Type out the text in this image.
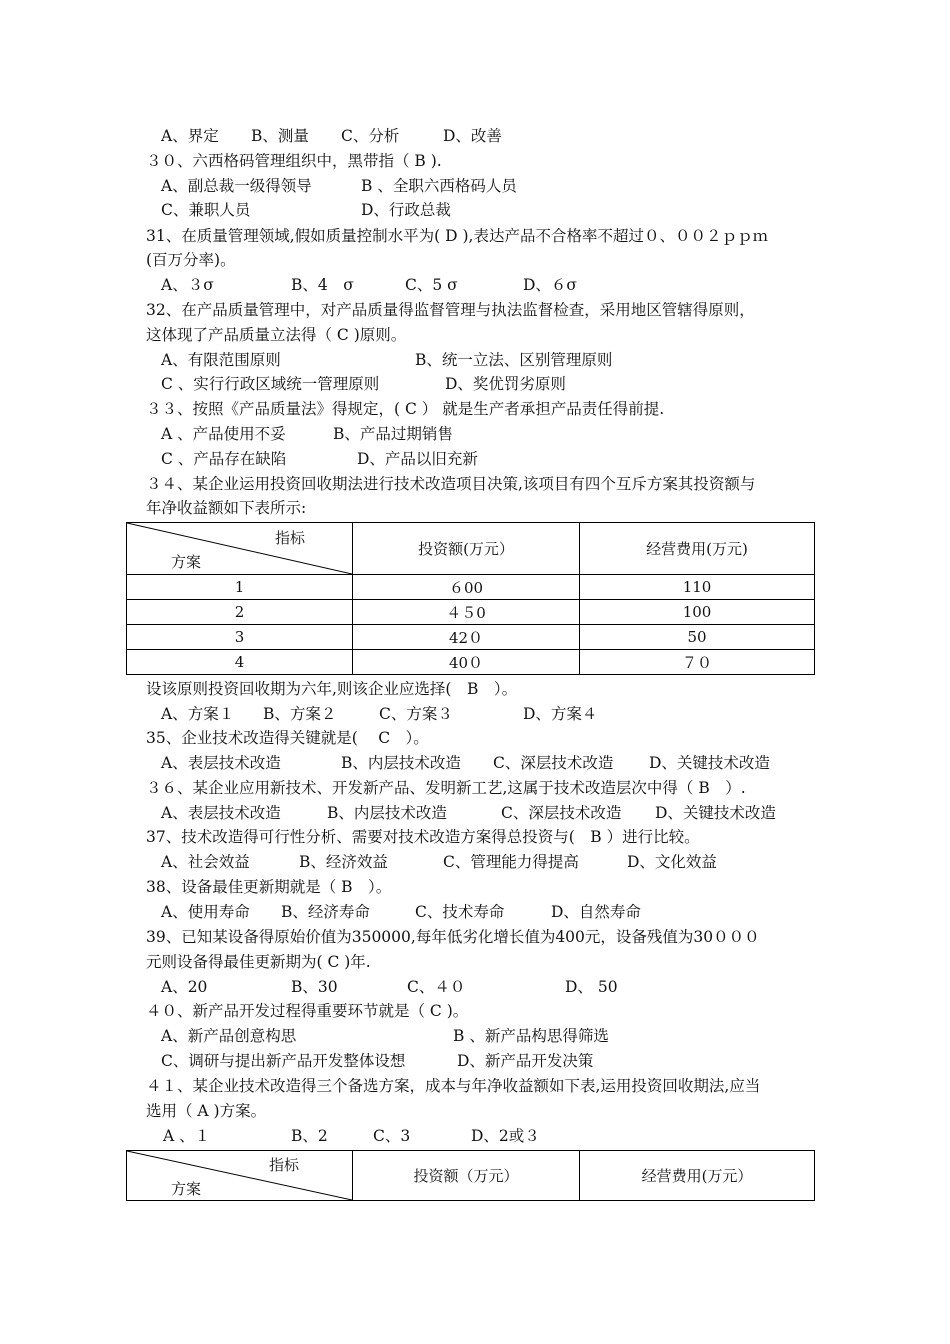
A、界定 B、测量 C、分析	D、改善
３０、六西格码管理组织中，黑带指（ B ).
A、副总裁一级得领导	B 、全职六西格码人员
C、兼职人员	D、行政总裁
31、在质量管理领域,假如质量控制水平为( D ),表达产品不合格率不超过０、００２ｐｐｍ
(百万分率)。
A、３σ	B、4　σ	C、5 σ	D、６σ
32、在产品质量管理中，对产品质量得监督管理与执法监督检查，采用地区管辖得原则，
这体现了产品质量立法得（ C )原则。
A、有限范围原则	B、统一立法、区别管理原则
C 、实行行政区域统一管理原则	D、奖优罚劣原则
３３、按照《产品质量法》得规定，( C ） 就是生产者承担产品责任得前提.
A 、产品使用不妥	B、产品过期销售
C 、产品存在缺陷	D、产品以旧充新
３４、某企业运用投资回收期法进行技术改造项目决策,该项目有四个互斥方案其投资额与
年净收益额如下表所示:
指标
方案	投资额(万元）	经营费用(万元)
1	６00	110
2	４５0	100
3	42０	50
4	40０	７０
设该原则投资回收期为六年,则该企业应选择(　B　）。
A、方案１ B、方案２	C、方案３	D、方案４
35、企业技术改造得关键就是(　 C　）。
A、表层技术改造	B、内层技术改造 C、深层技术改造 D、关键技术改造
３６、某企业应用新技术、开发新产品、发明新工艺,这属于技术改造层次中得（ B　）.
A、表层技术改造	B、内层技术改造	C、深层技术改造 D、关键技术改造
37、技术改造得可行性分析、需要对技术改造方案得总投资与(　B ）进行比较。
A、社会效益	B、经济效益	C、管理能力得提高	D、文化效益
38、设备最佳更新期就是（ B　）。
A、使用寿命 B、经济寿命	C、技术寿命	D、自然寿命
39、已知某设备得原始价值为350000,每年低劣化增长值为400元，设备残值为30０００
元则设备得最佳更新期为( C )年.
A、20	B、30	C、４０	D、 50
４０、新产品开发过程得重要环节就是（ C )。
A、新产品创意构思	B 、新产品构思得筛选
C、调研与提出新产品开发整体设想	D、新产品开发决策
４１、某企业技术改造得三个备选方案，成本与年净收益额如下表,运用投资回收期法,应当
选用（ A )方案。
A 、１	B、2	C、3	D、2或３
指标
方案
	投资额（万元）	经营费用(万元）
